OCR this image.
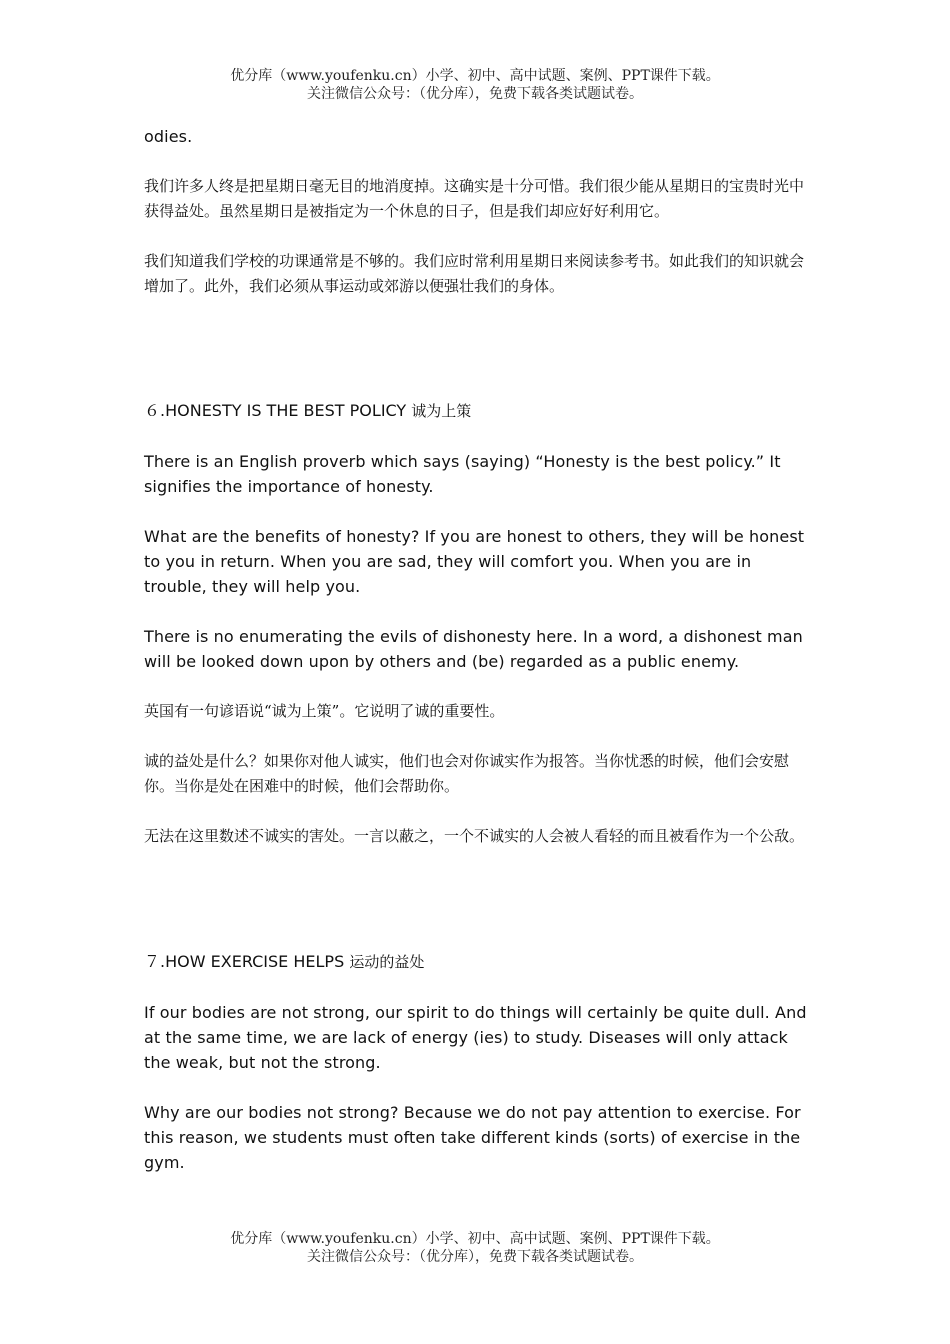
优分库（www.youfenku.cn）小学、初中、高中试题、案例、PPT课件下载。
关注微信公众号：（优分库），免费下载各类试题试卷。

odies.

我们许多人终是把星期日毫无目的地消度掉。这确实是十分可惜。我们很少能从星期日的宝贵时光中获得益处。虽然星期日是被指定为一个休息的日子，但是我们却应好好利用它。

我们知道我们学校的功课通常是不够的。我们应时常利用星期日来阅读参考书。如此我们的知识就会增加了。此外，我们必须从事运动或郊游以便强壮我们的身体。

６.HONESTY IS THE BEST POLICY 诚为上策

There is an English proverb which says (saying) “Honesty is the best policy.” It signifies the importance of honesty.

What are the benefits of honesty? If you are honest to others, they will be honest to you in return. When you are sad, they will comfort you. When you are in trouble, they will help you.

There is no enumerating the evils of dishonesty here. In a word, a dishonest man will be looked down upon by others and (be) regarded as a public enemy.

英国有一句谚语说“诚为上策”。它说明了诚的重要性。

诚的益处是什么？如果你对他人诚实，他们也会对你诚实作为报答。当你忧悉的时候，他们会安慰你。当你是处在困难中的时候，他们会帮助你。

无法在这里数述不诚实的害处。一言以蔽之，一个不诚实的人会被人看轻的而且被看作为一个公敌。

７.HOW EXERCISE HELPS 运动的益处

If our bodies are not strong, our spirit to do things will certainly be quite dull. And at the same time, we are lack of energy (ies) to study. Diseases will only attack the weak, but not the strong.

Why are our bodies not strong? Because we do not pay attention to exercise. For this reason, we students must often take different kinds (sorts) of exercise in the gym.

优分库（www.youfenku.cn）小学、初中、高中试题、案例、PPT课件下载。
关注微信公众号：（优分库），免费下载各类试题试卷。
